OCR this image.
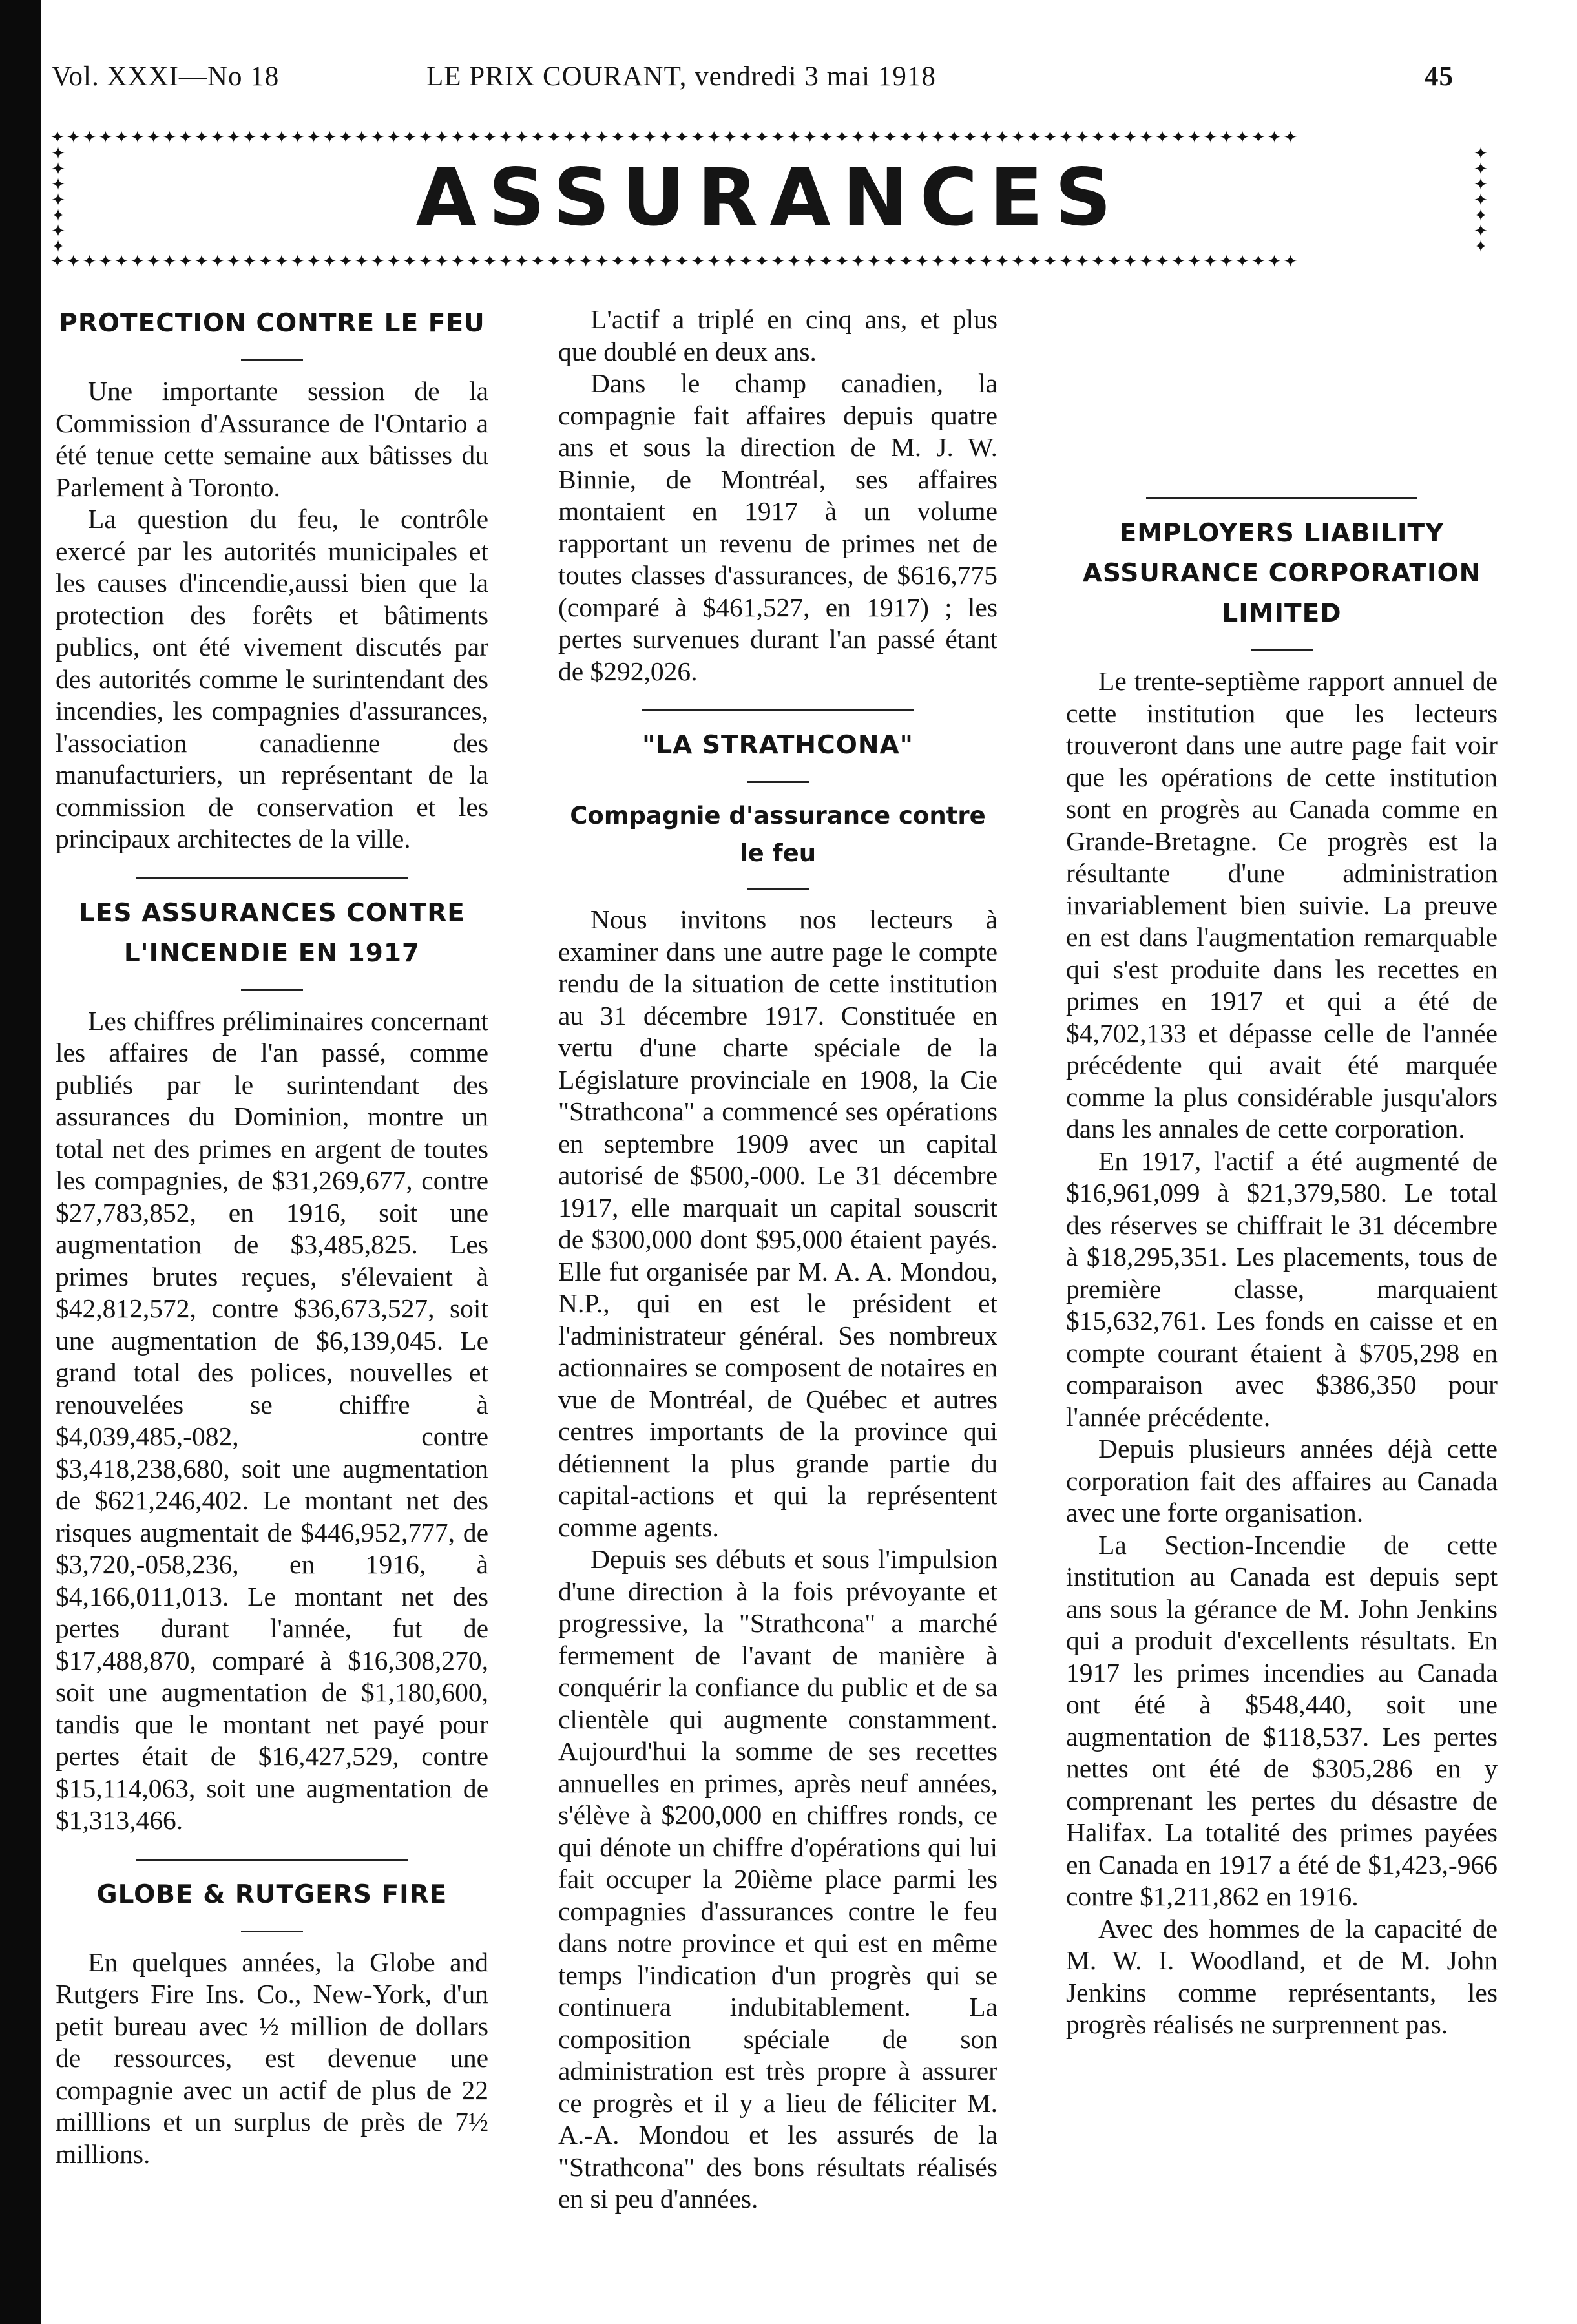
Vol. XXXI—No 18	LE PRIX COURANT, vendredi 3 mai 1918	45
✦✦✦✦✦✦✦✦✦✦✦✦✦✦✦✦✦✦✦✦✦✦✦✦✦✦✦✦✦✦✦✦✦✦✦✦✦✦✦✦✦✦✦✦✦✦✦✦✦✦✦✦✦✦✦✦✦✦✦✦✦✦✦✦✦✦✦✦✦✦✦✦✦✦✦✦✦✦
✦ ✦ ✦ ✦ ✦ ✦ ✦
✦ ✦ ✦ ✦ ✦ ✦ ✦
ASSURANCES
✦✦✦✦✦✦✦✦✦✦✦✦✦✦✦✦✦✦✦✦✦✦✦✦✦✦✦✦✦✦✦✦✦✦✦✦✦✦✦✦✦✦✦✦✦✦✦✦✦✦✦✦✦✦✦✦✦✦✦✦✦✦✦✦✦✦✦✦✦✦✦✦✦✦✦✦✦✦
PROTECTION CONTRE LE FEU

Une importante session de la Commission d'Assurance de l'Ontario a été tenue cette semaine aux bâtisses du Parlement à Toronto.

La question du feu, le contrôle exercé par les autorités municipales et les causes d'incendie,aussi bien que la protection des forêts et bâtiments publics, ont été vivement discutés par des autorités comme le surintendant des incendies, les compagnies d'assurances, l'association canadienne des manufacturiers, un représentant de la commission de conservation et les principaux architectes de la ville.

LES ASSURANCES CONTRE L'INCENDIE EN 1917

Les chiffres préliminaires concernant les affaires de l'an passé, comme publiés par le surintendant des assurances du Dominion, montre un total net des primes en argent de toutes les compagnies, de $31,269,677, contre $27,783,852, en 1916, soit une augmentation de $3,485,825. Les primes brutes reçues, s'élevaient à $42,812,572, contre $36,673,527, soit une augmentation de $6,139,045. Le grand total des polices, nouvelles et renouvelées se chiffre à $4,039,485,-082, contre $3,418,238,680, soit une augmentation de $621,246,402. Le montant net des risques augmentait de $446,952,777, de $3,720,-058,236, en 1916, à $4,166,011,013. Le montant net des pertes durant l'année, fut de $17,488,870, comparé à $16,308,270, soit une augmentation de $1,180,600, tandis que le montant net payé pour pertes était de $16,427,529, contre $15,114,063, soit une augmentation de $1,313,466.

GLOBE & RUTGERS FIRE

En quelques années, la Globe and Rutgers Fire Ins. Co., New-York, d'un petit bureau avec ½ million de dollars de ressources, est devenue une compagnie avec un actif de plus de 22 milllions et un surplus de près de 7½ millions.

L'actif a triplé en cinq ans, et plus que doublé en deux ans.

Dans le champ canadien, la compagnie fait affaires depuis quatre ans et sous la direction de M. J. W. Binnie, de Montréal, ses affaires montaient en 1917 à un volume rapportant un revenu de primes net de toutes classes d'assurances, de $616,775 (comparé à $461,527, en 1917) ; les pertes survenues durant l'an passé étant de $292,026.

"LA STRATHCONA"
Compagnie d'assurance contre le feu

Nous invitons nos lecteurs à examiner dans une autre page le compte rendu de la situation de cette institution au 31 décembre 1917. Constituée en vertu d'une charte spéciale de la Législature provinciale en 1908, la Cie "Strathcona" a commencé ses opérations en septembre 1909 avec un capital autorisé de $500,-000. Le 31 décembre 1917, elle marquait un capital souscrit de $300,000 dont $95,000 étaient payés. Elle fut organisée par M. A. A. Mondou, N.P., qui en est le président et l'administrateur général. Ses nombreux actionnaires se composent de notaires en vue de Montréal, de Québec et autres centres importants de la province qui détiennent la plus grande partie du capital-actions et qui la représentent comme agents.

Depuis ses débuts et sous l'impulsion d'une direction à la fois prévoyante et progressive, la "Strathcona" a marché fermement de l'avant de manière à conquérir la confiance du public et de sa clientèle qui augmente constamment. Aujourd'hui la somme de ses recettes annuelles en primes, après neuf années, s'élève à $200,000 en chiffres ronds, ce qui dénote un chiffre d'opérations qui lui fait occuper la 20ième place parmi les compagnies d'assurances contre le feu dans notre province et qui est en même temps l'indication d'un progrès qui se continuera indubitablement. La composition spéciale de son administration est très propre à assurer ce progrès et il y a lieu de féliciter M. A.-A. Mondou et les assurés de la "Strathcona" des bons résultats réalisés en si peu d'années.

EMPLOYERS LIABILITY ASSURANCE CORPORATION LIMITED

Le trente-septième rapport annuel de cette institution que les lecteurs trouveront dans une autre page fait voir que les opérations de cette institution sont en progrès au Canada comme en Grande-Bretagne. Ce progrès est la résultante d'une administration invariablement bien suivie. La preuve en est dans l'augmentation remarquable qui s'est produite dans les recettes en primes en 1917 et qui a été de $4,702,133 et dépasse celle de l'année précédente qui avait été marquée comme la plus considérable jusqu'alors dans les annales de cette corporation.

En 1917, l'actif a été augmenté de $16,961,099 à $21,379,580. Le total des réserves se chiffrait le 31 décembre à $18,295,351. Les placements, tous de première classe, marquaient $15,632,761. Les fonds en caisse et en compte courant étaient à $705,298 en comparaison avec $386,350 pour l'année précédente.

Depuis plusieurs années déjà cette corporation fait des affaires au Canada avec une forte organisation.

La Section-Incendie de cette institution au Canada est depuis sept ans sous la gérance de M. John Jenkins qui a produit d'excellents résultats. En 1917 les primes incendies au Canada ont été à $548,440, soit une augmentation de $118,537. Les pertes nettes ont été de $305,286 en y comprenant les pertes du désastre de Halifax. La totalité des primes payées en Canada en 1917 a été de $1,423,-966 contre $1,211,862 en 1916.

Avec des hommes de la capacité de M. W. I. Woodland, et de M. John Jenkins comme représentants, les progrès réalisés ne surprennent pas.
